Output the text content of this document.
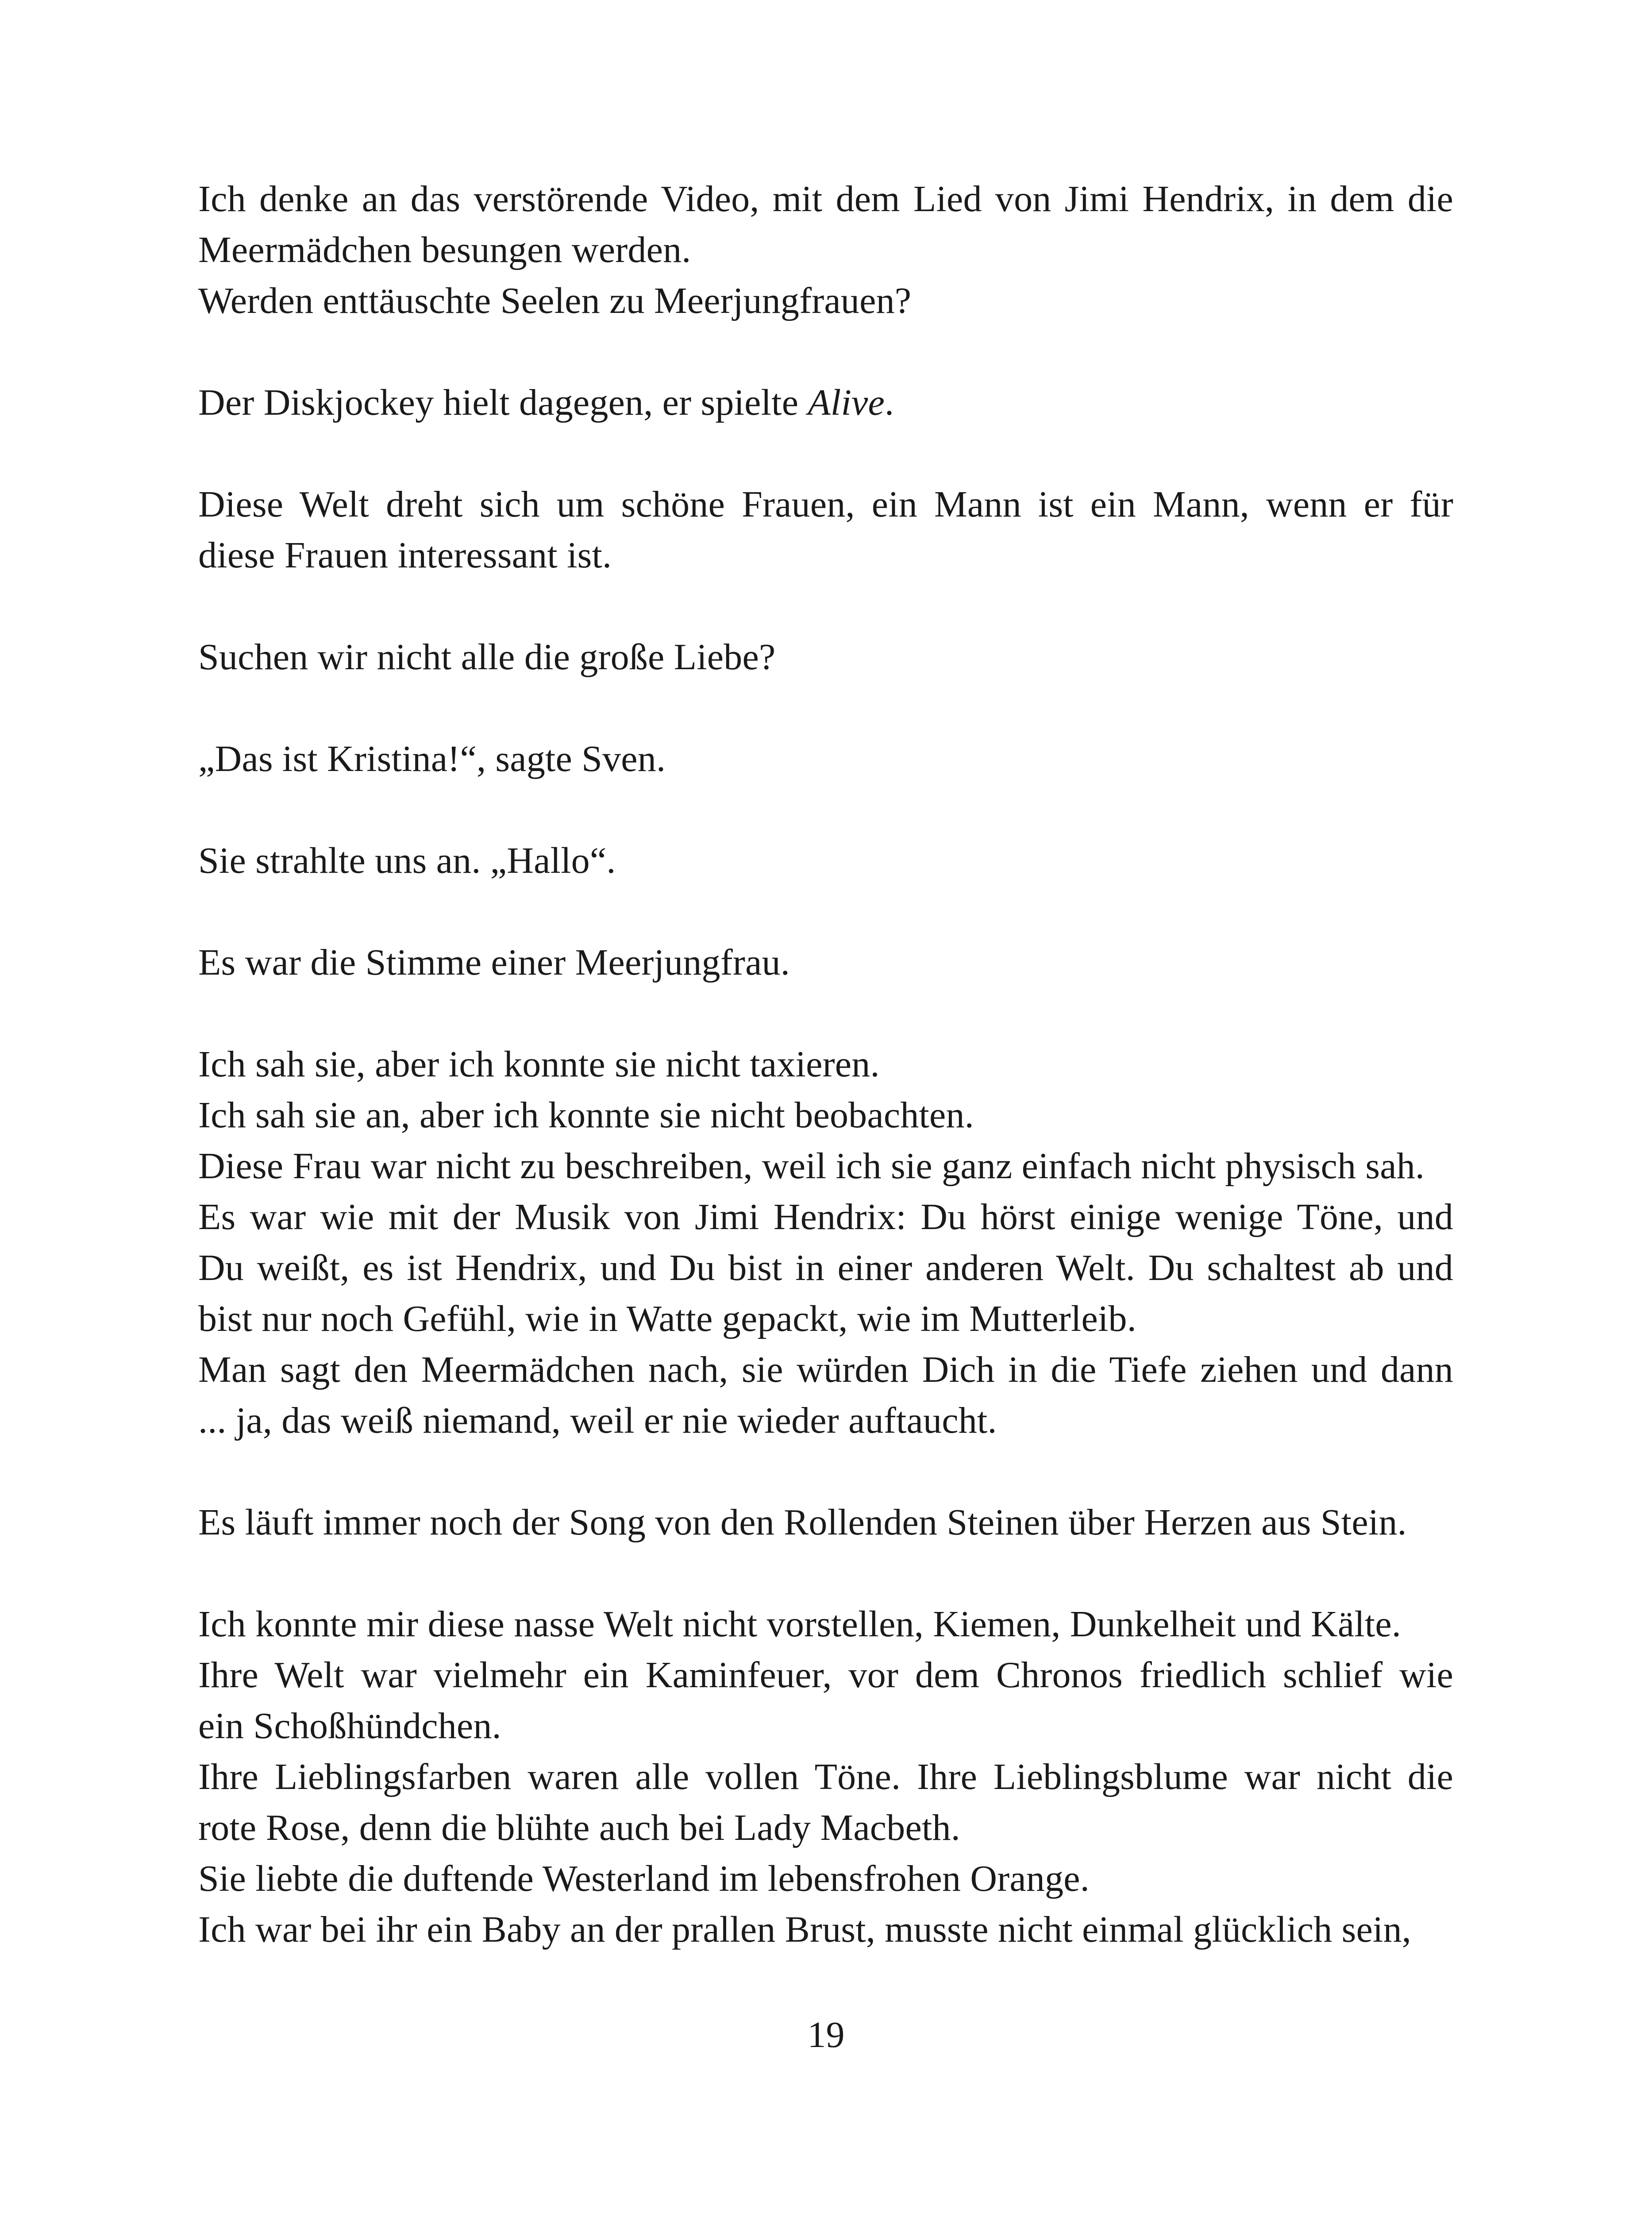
Ich denke an das verstörende Video, mit dem Lied von Jimi Hendrix, in dem die
Meermädchen besungen werden.
Werden enttäuschte Seelen zu Meerjungfrauen?

Der Diskjockey hielt dagegen, er spielte Alive.

Diese Welt dreht sich um schöne Frauen, ein Mann ist ein Mann, wenn er für
diese Frauen interessant ist.

Suchen wir nicht alle die große Liebe?

„Das ist Kristina!“, sagte Sven.

Sie strahlte uns an. „Hallo“.

Es war die Stimme einer Meerjungfrau.

Ich sah sie, aber ich konnte sie nicht taxieren.
Ich sah sie an, aber ich konnte sie nicht beobachten.
Diese Frau war nicht zu beschreiben, weil ich sie ganz einfach nicht physisch sah.
Es war wie mit der Musik von Jimi Hendrix: Du hörst einige wenige Töne, und
Du weißt, es ist Hendrix, und Du bist in einer anderen Welt. Du schaltest ab und
bist nur noch Gefühl, wie in Watte gepackt, wie im Mutterleib.
Man sagt den Meermädchen nach, sie würden Dich in die Tiefe ziehen und dann
... ja, das weiß niemand, weil er nie wieder auftaucht.

Es läuft immer noch der Song von den Rollenden Steinen über Herzen aus Stein.

Ich konnte mir diese nasse Welt nicht vorstellen, Kiemen, Dunkelheit und Kälte.
Ihre Welt war vielmehr ein Kaminfeuer, vor dem Chronos friedlich schlief wie
ein Schoßhündchen.
Ihre Lieblingsfarben waren alle vollen Töne. Ihre Lieblingsblume war nicht die
rote Rose, denn die blühte auch bei Lady Macbeth.
Sie liebte die duftende Westerland im lebensfrohen Orange.
Ich war bei ihr ein Baby an der prallen Brust, musste nicht einmal glücklich sein,

19
